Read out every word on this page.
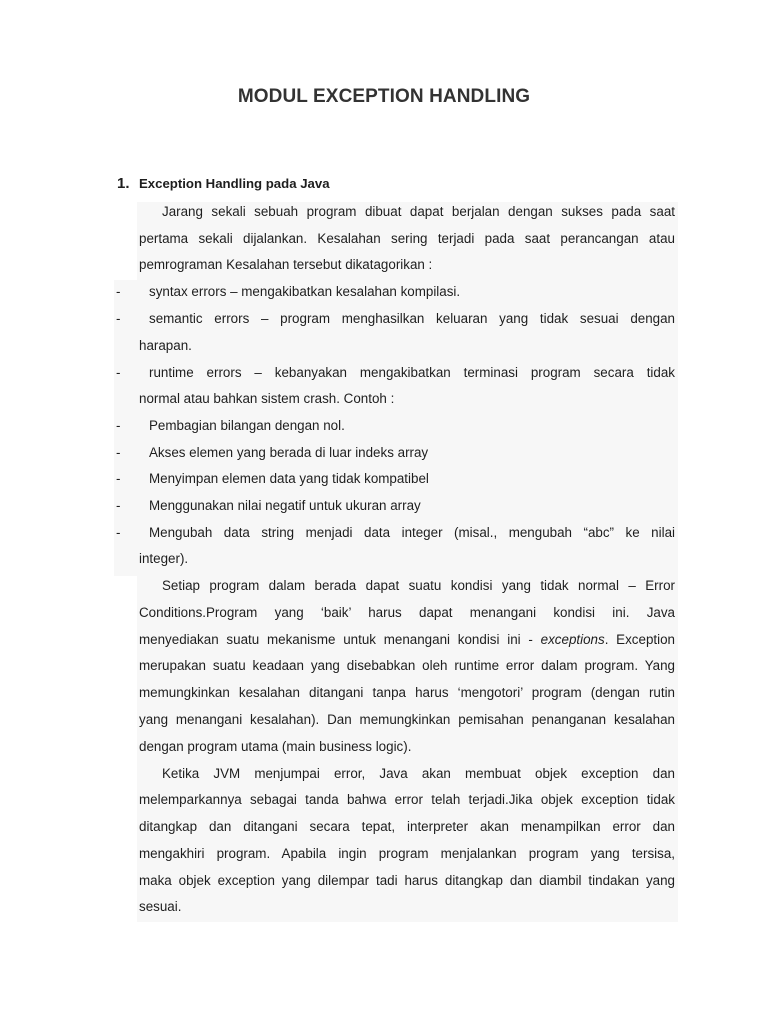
MODUL EXCEPTION HANDLING
1. Exception Handling pada Java
Jarang sekali sebuah program dibuat dapat berjalan dengan sukses pada saat
pertama sekali dijalankan. Kesalahan sering terjadi pada saat perancangan atau
pemrograman Kesalahan tersebut dikatagorikan :
-	syntax errors – mengakibatkan kesalahan kompilasi.
-	semantic errors – program menghasilkan keluaran yang tidak sesuai dengan
harapan.
-	runtime errors – kebanyakan mengakibatkan terminasi program secara tidak
normal atau bahkan sistem crash. Contoh :
-	Pembagian bilangan dengan nol.
-	Akses elemen yang berada di luar indeks array
-	Menyimpan elemen data yang tidak kompatibel
-	Menggunakan nilai negatif untuk ukuran array
-	Mengubah data string menjadi data integer (misal., mengubah “abc” ke nilai
integer).
Setiap program dalam berada dapat suatu kondisi yang tidak normal – Error
Conditions.Program yang ‘baik’ harus dapat menangani kondisi ini. Java
menyediakan suatu mekanisme untuk menangani kondisi ini - exceptions. Exception
merupakan suatu keadaan yang disebabkan oleh runtime error dalam program. Yang
memungkinkan kesalahan ditangani tanpa harus ‘mengotori’ program (dengan rutin
yang menangani kesalahan). Dan memungkinkan pemisahan penanganan kesalahan
dengan program utama (main business logic).
Ketika JVM menjumpai error, Java akan membuat objek exception dan
melemparkannya sebagai tanda bahwa error telah terjadi.Jika objek exception tidak
ditangkap dan ditangani secara tepat, interpreter akan menampilkan error dan
mengakhiri program. Apabila ingin program menjalankan program yang tersisa,
maka objek exception yang dilempar tadi harus ditangkap dan diambil tindakan yang
sesuai.
